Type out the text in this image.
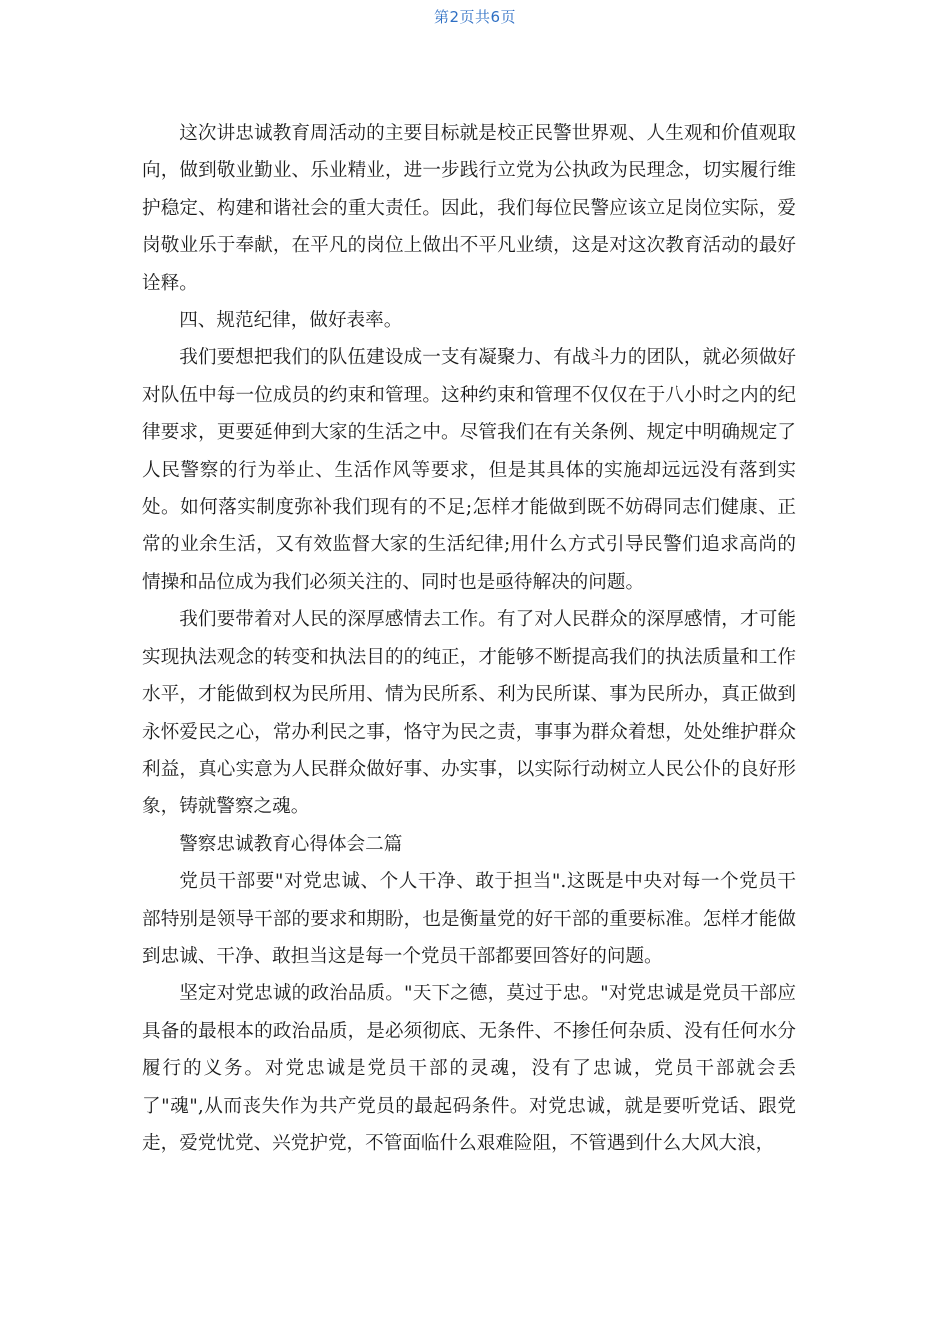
第2页共6页

这次讲忠诚教育周活动的主要目标就是校正民警世界观、人生观和价值观取向，做到敬业勤业、乐业精业，进一步践行立党为公执政为民理念，切实履行维护稳定、构建和谐社会的重大责任。因此，我们每位民警应该立足岗位实际，爱岗敬业乐于奉献，在平凡的岗位上做出不平凡业绩，这是对这次教育活动的最好诠释。

四、规范纪律，做好表率。

我们要想把我们的队伍建设成一支有凝聚力、有战斗力的团队，就必须做好对队伍中每一位成员的约束和管理。这种约束和管理不仅仅在于八小时之内的纪律要求，更要延伸到大家的生活之中。尽管我们在有关条例、规定中明确规定了人民警察的行为举止、生活作风等要求，但是其具体的实施却远远没有落到实处。如何落实制度弥补我们现有的不足;怎样才能做到既不妨碍同志们健康、正常的业余生活，又有效监督大家的生活纪律;用什么方式引导民警们追求高尚的情操和品位成为我们必须关注的、同时也是亟待解决的问题。

我们要带着对人民的深厚感情去工作。有了对人民群众的深厚感情，才可能实现执法观念的转变和执法目的的纯正，才能够不断提高我们的执法质量和工作水平，才能做到权为民所用、情为民所系、利为民所谋、事为民所办，真正做到永怀爱民之心，常办利民之事，恪守为民之责，事事为群众着想，处处维护群众利益，真心实意为人民群众做好事、办实事，以实际行动树立人民公仆的良好形象，铸就警察之魂。

警察忠诚教育心得体会二篇

党员干部要"对党忠诚、个人干净、敢于担当".这既是中央对每一个党员干部特别是领导干部的要求和期盼，也是衡量党的好干部的重要标准。怎样才能做到忠诚、干净、敢担当这是每一个党员干部都要回答好的问题。

坚定对党忠诚的政治品质。"天下之德，莫过于忠。"对党忠诚是党员干部应具备的最根本的政治品质，是必须彻底、无条件、不掺任何杂质、没有任何水分履行的义务。对党忠诚是党员干部的灵魂，没有了忠诚，党员干部就会丢了"魂",从而丧失作为共产党员的最起码条件。对党忠诚，就是要听党话、跟党走，爱党忧党、兴党护党，不管面临什么艰难险阻，不管遇到什么大风大浪，
